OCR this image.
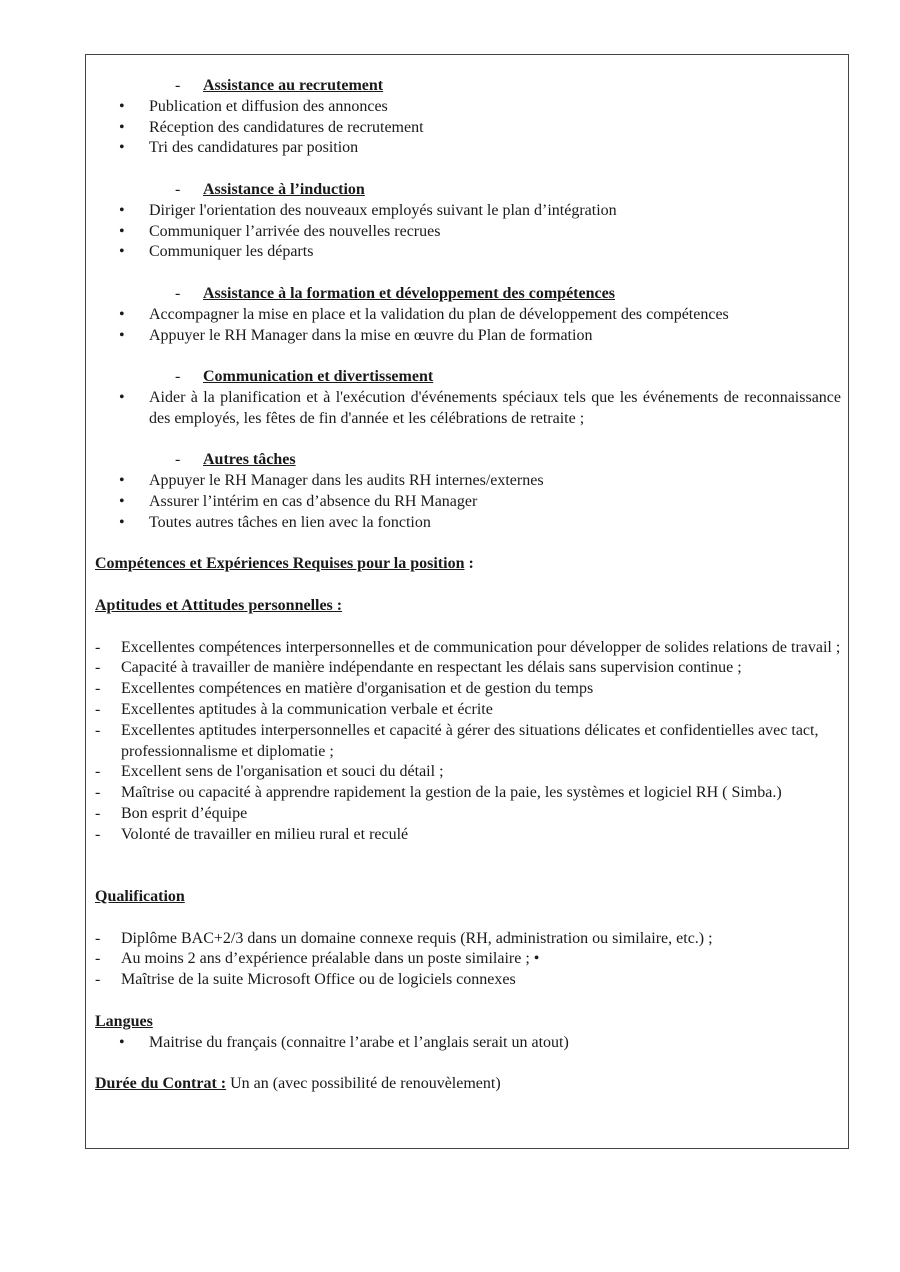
- Assistance au recrutement
• Publication et diffusion des annonces
• Réception des candidatures de recrutement
• Tri des candidatures par position
- Assistance à l’induction
• Diriger l'orientation des nouveaux employés suivant le plan d’intégration
• Communiquer l’arrivée des nouvelles recrues
• Communiquer les départs
- Assistance à la formation et développement des compétences
• Accompagner la mise en place et la validation du plan de développement des compétences
• Appuyer le RH Manager dans la mise en œuvre du Plan de formation
- Communication et divertissement
• Aider à la planification et à l'exécution d'événements spéciaux tels que les événements de reconnaissance des employés, les fêtes de fin d'année et les célébrations de retraite ;
- Autres tâches
• Appuyer le RH Manager dans les audits RH internes/externes
• Assurer l’intérim en cas d’absence du RH Manager
• Toutes autres tâches en lien avec la fonction
Compétences et Expériences Requises pour la position :
Aptitudes et Attitudes personnelles :
- Excellentes compétences interpersonnelles et de communication pour développer de solides relations de travail ;
- Capacité à travailler de manière indépendante en respectant les délais sans supervision continue ;
- Excellentes compétences en matière d'organisation et de gestion du temps
- Excellentes aptitudes à la communication verbale et écrite
- Excellentes aptitudes interpersonnelles et capacité à gérer des situations délicates et confidentielles avec tact, professionnalisme et diplomatie ;
- Excellent sens de l'organisation et souci du détail ;
- Maîtrise ou capacité à apprendre rapidement la gestion de la paie, les systèmes et logiciel RH ( Simba.)
- Bon esprit d’équipe
- Volonté de travailler en milieu rural et reculé
Qualification
- Diplôme BAC+2/3 dans un domaine connexe requis (RH, administration ou similaire, etc.) ;
- Au moins 2 ans d’expérience préalable dans un poste similaire ; •
- Maîtrise de la suite Microsoft Office ou de logiciels connexes
Langues
• Maitrise du français (connaitre l’arabe et l’anglais serait un atout)
Durée du Contrat : Un an (avec possibilité de renouvèlement)
